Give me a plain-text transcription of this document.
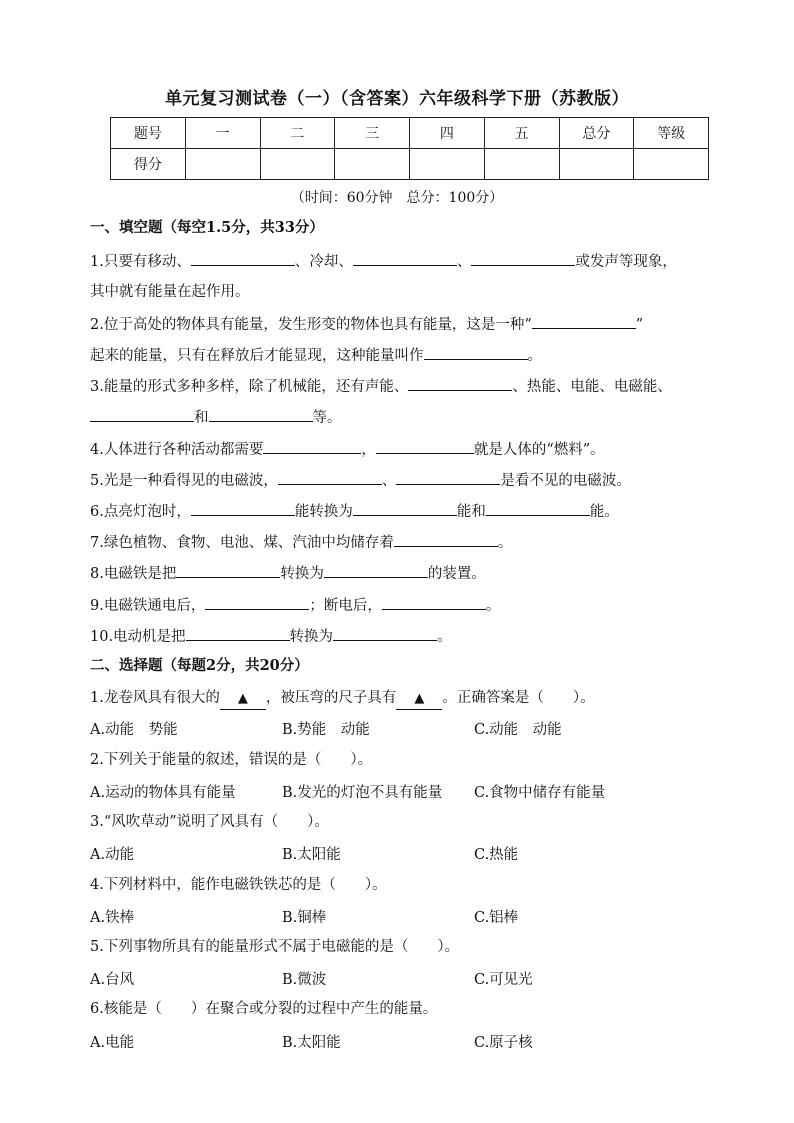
单元复习测试卷（一）（含答案）六年级科学下册（苏教版）
题号	一	二	三	四	五	总分	等级
得分							
（时间：60分钟　总分：100分）
一、填空题（每空1.5分，共33分）
1.只要有移动、	、冷却、	、	或发声等现象，
其中就有能量在起作用。
2.位于高处的物体具有能量，发生形变的物体也具有能量，这是一种“	”
起来的能量，只有在释放后才能显现，这种能量叫作	。
3.能量的形式多种多样，除了机械能，还有声能、	、热能、电能、电磁能、
和	等。
4.人体进行各种活动都需要	，	就是人体的“燃料”。
5.光是一种看得见的电磁波，	、	是看不见的电磁波。
6.点亮灯泡时，	能转换为	能和	能。
7.绿色植物、食物、电池、煤、汽油中均储存着	。
8.电磁铁是把	转换为	的装置。
9.电磁铁通电后，	；断电后，	。
10.电动机是把	转换为	。
二、选择题（每题2分，共20分）
1.龙卷风具有很大的 ▲ ，被压弯的尺子具有 ▲ 。正确答案是（　　）。
A.动能　势能	B.势能　动能	C.动能　动能
2.下列关于能量的叙述，错误的是（　　）。
A.运动的物体具有能量	B.发光的灯泡不具有能量 C.食物中储存有能量
3.“风吹草动”说明了风具有（　　）。
A.动能	B.太阳能	C.热能
4.下列材料中，能作电磁铁铁芯的是（　　）。
A.铁棒	B.铜棒	C.铝棒
5.下列事物所具有的能量形式不属于电磁能的是（　　）。
A.台风	B.微波	C.可见光
6.核能是（　　）在聚合或分裂的过程中产生的能量。
A.电能	B.太阳能	C.原子核
